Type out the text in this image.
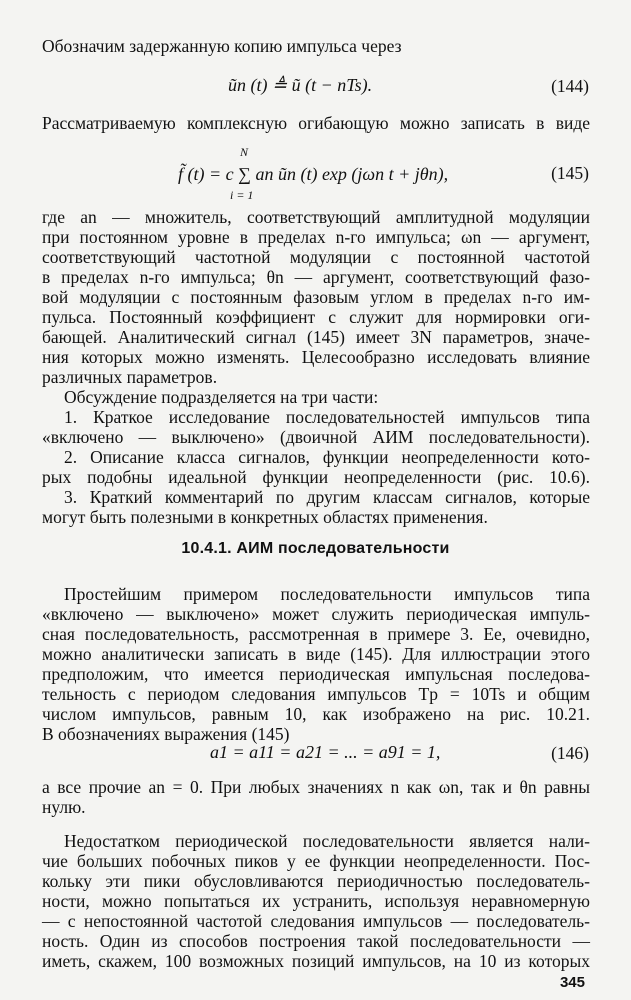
Обозначим задержанную копию импульса через
ũn (t) ≜ ũ (t − nTs).	(144)
Рассматриваемую комплексную огибающую можно записать в виде
N
f̃ (t) = c ∑ an ũn (t) exp (jωn t + jθn),
i = 1
(145)
где an — множитель, соответствующий амплитудной модуляции
при постоянном уровне в пределах n-го импульса; ωn — аргумент,
соответствующий частотной модуляции с постоянной частотой
в пределах n-го импульса; θn — аргумент, соответствующий фазо-
вой модуляции с постоянным фазовым углом в пределах n-го им-
пульса. Постоянный коэффициент c служит для нормировки оги-
бающей. Аналитический сигнал (145) имеет 3N параметров, значе-
ния которых можно изменять. Целесообразно исследовать влияние
различных параметров.
Обсуждение подразделяется на три части:
1. Краткое исследование последовательностей импульсов типа
«включено — выключено» (двоичной АИМ последовательности).
2. Описание класса сигналов, функции неопределенности кото-
рых подобны идеальной функции неопределенности (рис. 10.6).
3. Краткий комментарий по другим классам сигналов, которые
могут быть полезными в конкретных областях применения.
10.4.1. АИМ последовательности
Простейшим примером последовательности импульсов типа
«включено — выключено» может служить периодическая импуль-
сная последовательность, рассмотренная в примере 3. Ее, очевидно,
можно аналитически записать в виде (145). Для иллюстрации этого
предположим, что имеется периодическая импульсная последова-
тельность с периодом следования импульсов Tp = 10Ts и общим
числом импульсов, равным 10, как изображено на рис. 10.21.
В обозначениях выражения (145)
a1 = a11 = a21 = ... = a91 = 1,	(146)
а все прочие an = 0. При любых значениях n как ωn, так и θn равны
нулю.
Недостатком периодической последовательности является нали-
чие больших побочных пиков у ее функции неопределенности. Пос-
кольку эти пики обусловливаются периодичностью последователь-
ности, можно попытаться их устранить, используя неравномерную
— с непостоянной частотой следования импульсов — последователь-
ность. Один из способов построения такой последовательности —
иметь, скажем, 100 возможных позиций импульсов, на 10 из которых
345
